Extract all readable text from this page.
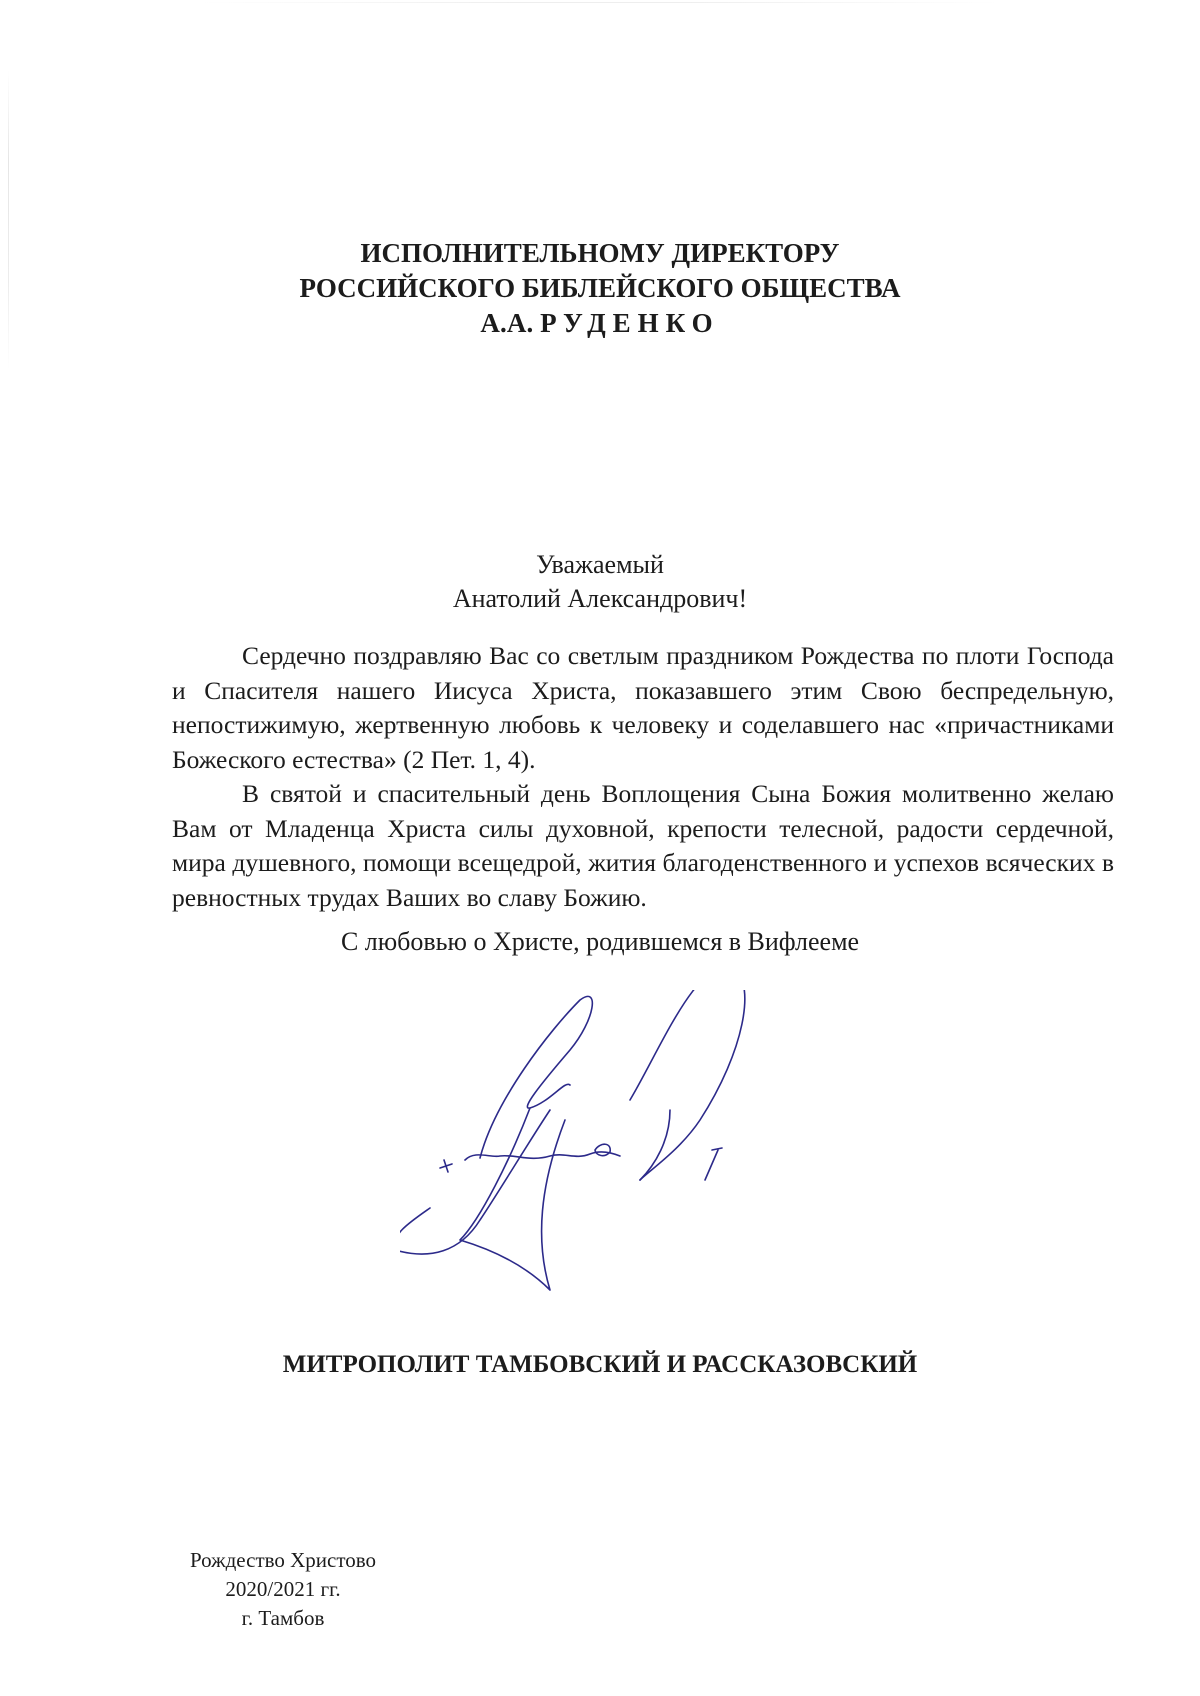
ИСПОЛНИТЕЛЬНОМУ ДИРЕКТОРУ
РОССИЙСКОГО БИБЛЕЙСКОГО ОБЩЕСТВА
А.А. РУДЕНКО
Уважаемый
Анатолий Александрович!

Сердечно поздравляю Вас со светлым праздником Рождества по плоти Господа и Спасителя нашего Иисуса Христа, показавшего этим Свою беспредельную, непостижимую, жертвенную любовь к человеку и соделавшего нас «причастниками Божеского естества» (2 Пет. 1, 4).

В святой и спасительный день Воплощения Сына Божия молитвенно желаю Вам от Младенца Христа силы духовной, крепости телесной, радости сердечной, мира душевного, помощи всещедрой, жития благоденственного и успехов всяческих в ревностных трудах Ваших во славу Божию.

С любовью о Христе, родившемся в Вифлееме
МИТРОПОЛИТ ТАМБОВСКИЙ И РАССКАЗОВСКИЙ
Рождество Христово
2020/2021 гг.
г. Тамбов
